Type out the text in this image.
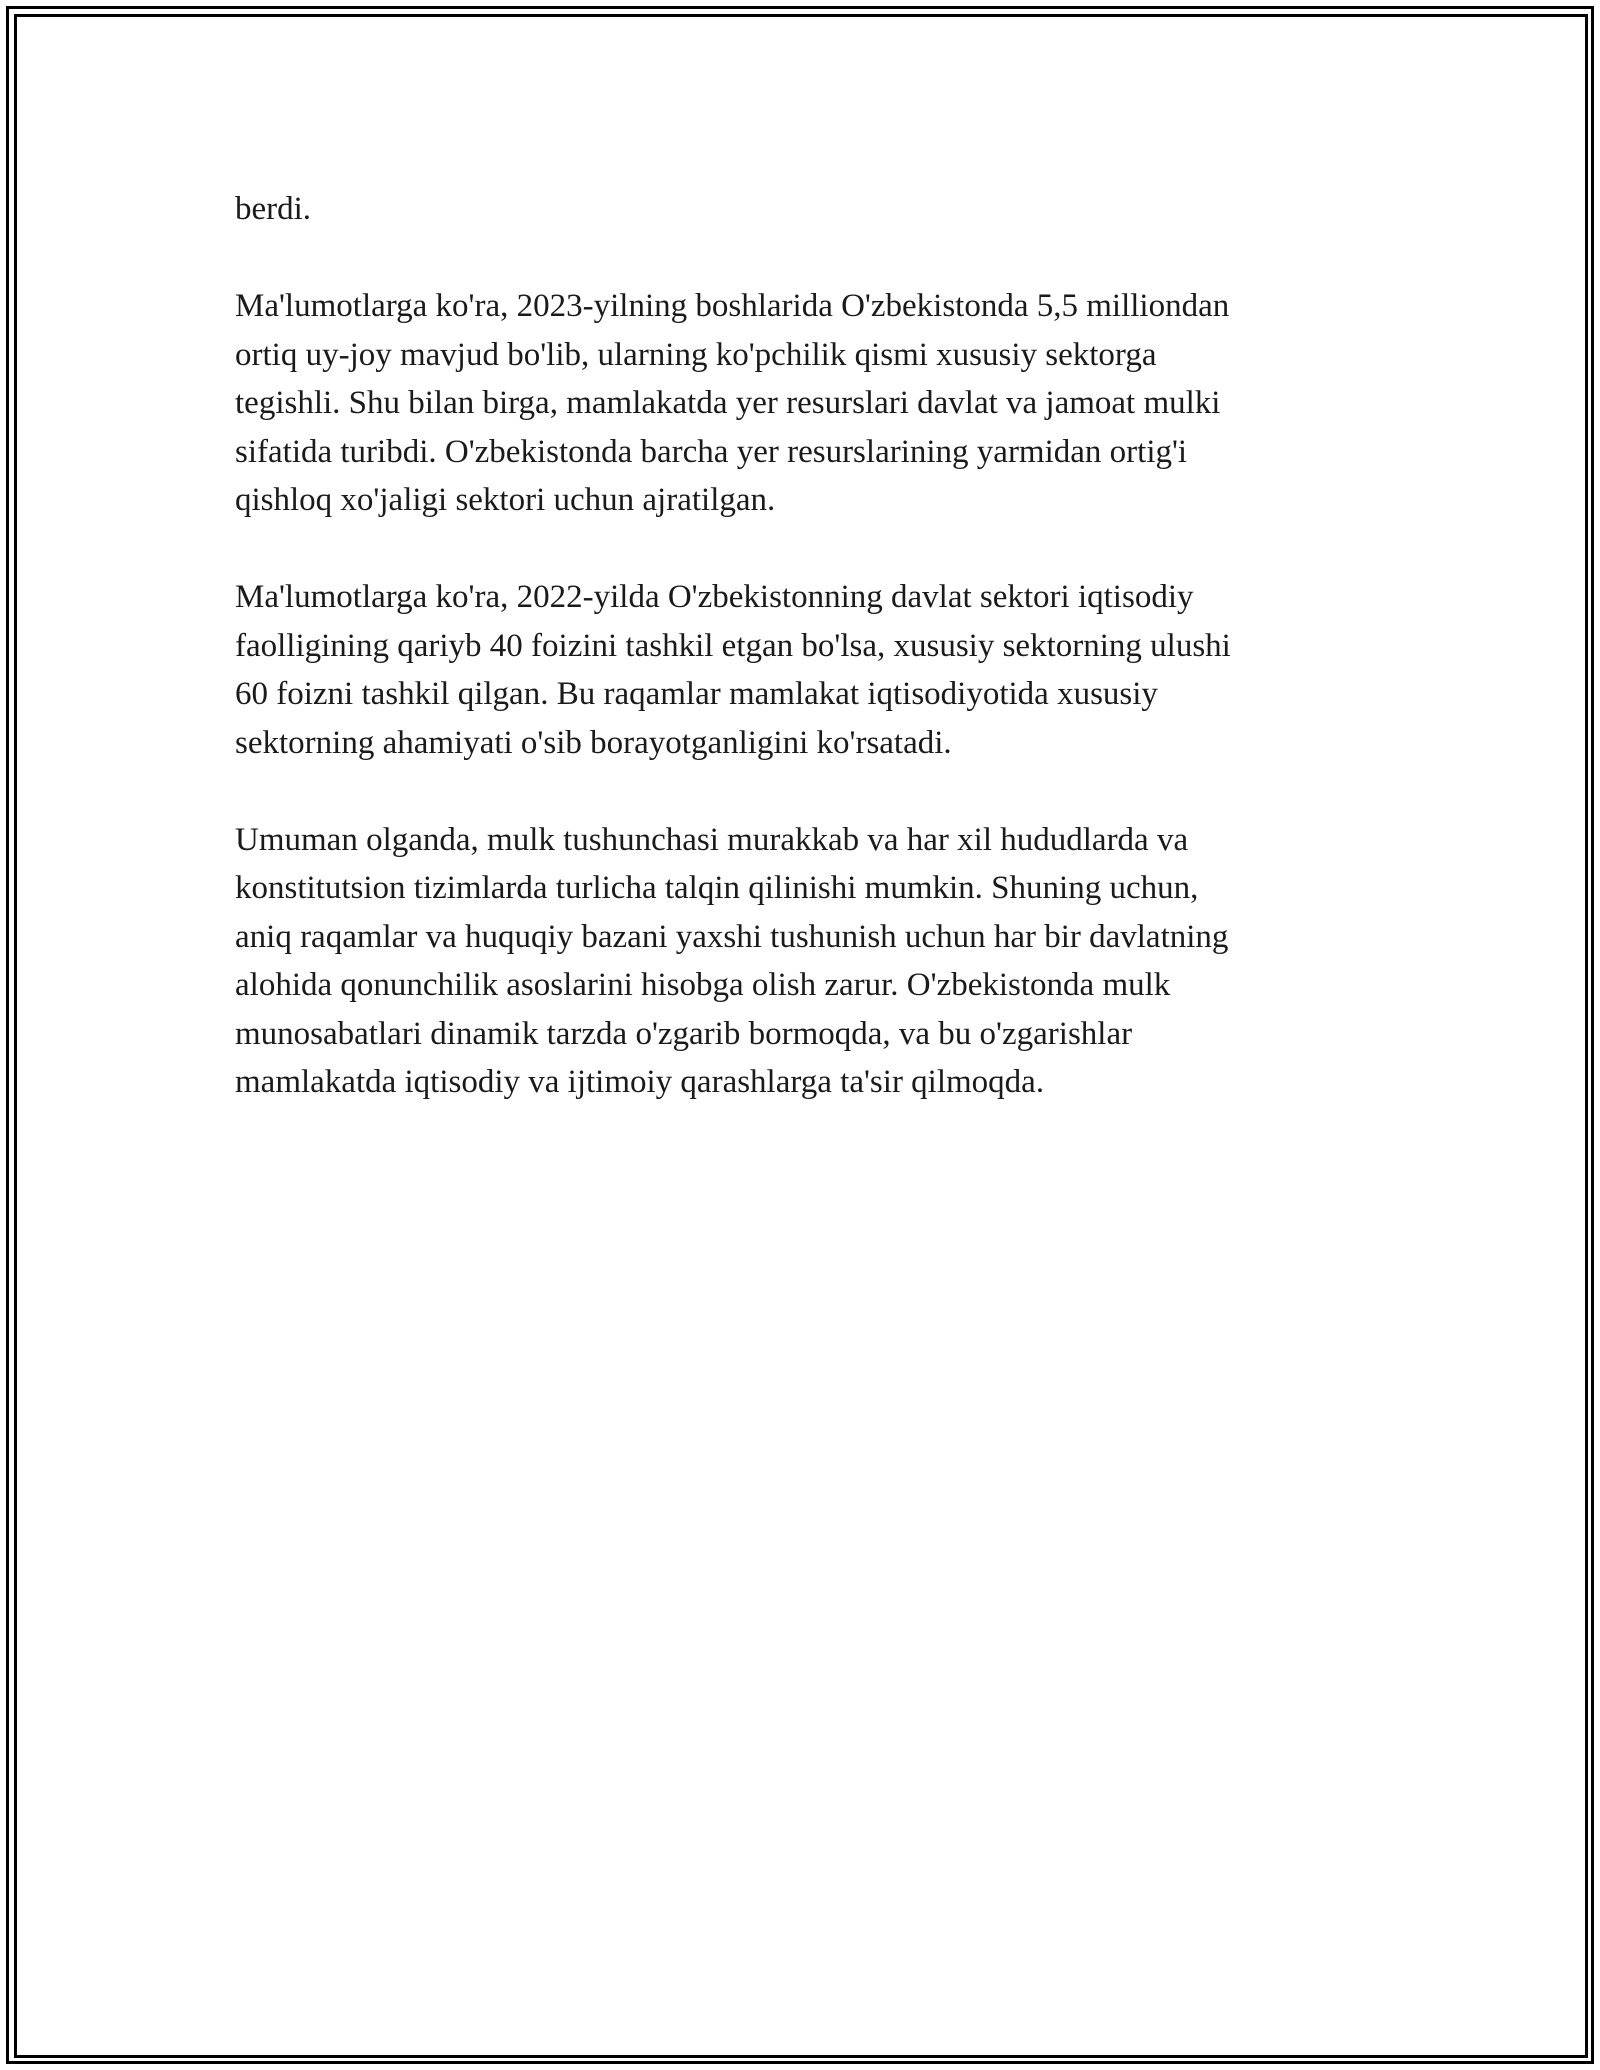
berdi.

Ma'lumotlarga ko'ra, 2023-yilning boshlarida O'zbekistonda 5,5 milliondan
ortiq uy-joy mavjud bo'lib, ularning ko'pchilik qismi xususiy sektorga
tegishli. Shu bilan birga, mamlakatda yer resurslari davlat va jamoat mulki
sifatida turibdi. O'zbekistonda barcha yer resurslarining yarmidan ortig'i
qishloq xo'jaligi sektori uchun ajratilgan.

Ma'lumotlarga ko'ra, 2022-yilda O'zbekistonning davlat sektori iqtisodiy
faolligining qariyb 40 foizini tashkil etgan bo'lsa, xususiy sektorning ulushi
60 foizni tashkil qilgan. Bu raqamlar mamlakat iqtisodiyotida xususiy
sektorning ahamiyati o'sib borayotganligini ko'rsatadi.

Umuman olganda, mulk tushunchasi murakkab va har xil hududlarda va
konstitutsion tizimlarda turlicha talqin qilinishi mumkin. Shuning uchun,
aniq raqamlar va huquqiy bazani yaxshi tushunish uchun har bir davlatning
alohida qonunchilik asoslarini hisobga olish zarur. O'zbekistonda mulk
munosabatlari dinamik tarzda o'zgarib bormoqda, va bu o'zgarishlar
mamlakatda iqtisodiy va ijtimoiy qarashlarga ta'sir qilmoqda.
